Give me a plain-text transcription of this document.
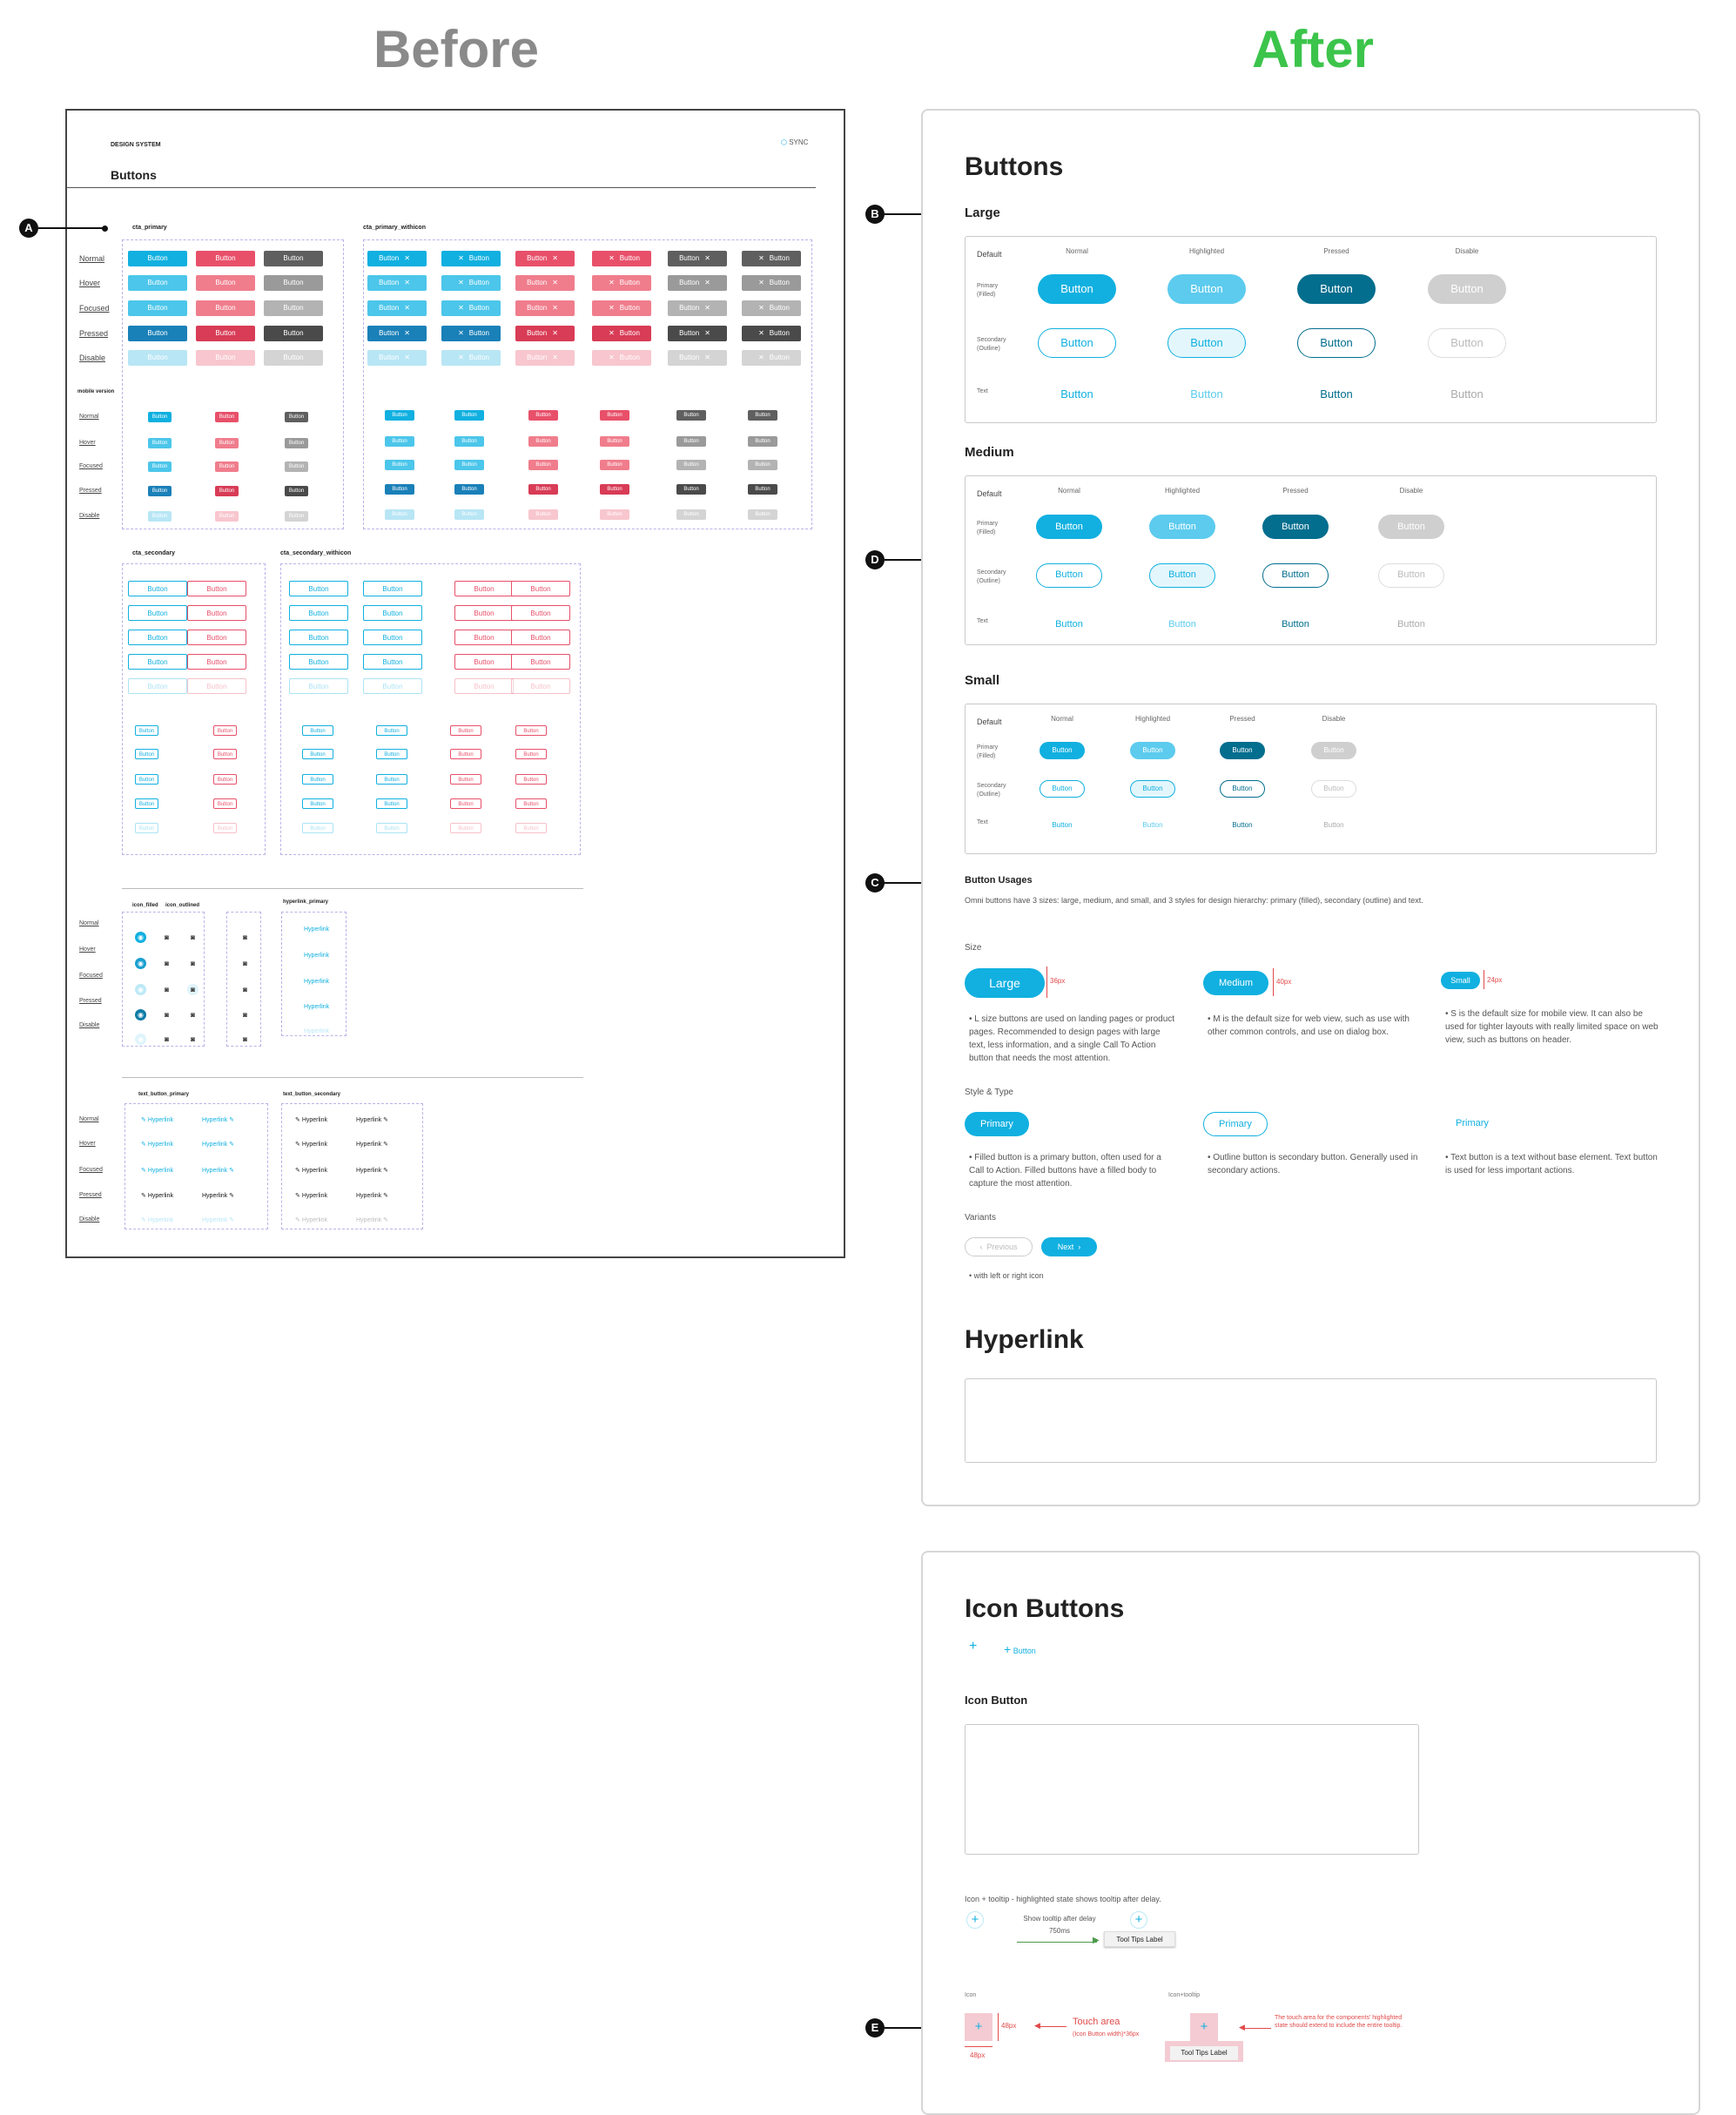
Before	After
DESIGN SYSTEM	⬡ SYNC
Buttons
cta_primary	cta_primary_withicon
mobile version
cta_secondary	cta_secondary_withicon
icon_filled icon_outlined
hyperlink_primary
text_button_primary	text_button_secondary
Normal	Button	Button	Button	Button ✕	✕ Button	Button ✕	✕ Button	Button ✕	✕ Button
Hover	Button	Button	Button	Button ✕	✕ Button	Button ✕	✕ Button	Button ✕	✕ Button
Focused	Button	Button	Button	Button ✕	✕ Button	Button ✕	✕ Button	Button ✕	✕ Button
Pressed	Button	Button	Button	Button ✕	✕ Button	Button ✕	✕ Button	Button ✕	✕ Button
Disable	Button	Button	Button	Button ✕	✕ Button	Button ✕	✕ Button	Button ✕	✕ Button
Normal	Button	Button	Button	Button	Button	Button	Button	Button	Button
Hover	Button	Button	Button	Button	Button	Button	Button	Button	Button
Focused	Button	Button	Button	Button	Button	Button	Button	Button	Button
Pressed	Button	Button	Button	Button	Button	Button	Button	Button	Button
Disable	Button	Button	Button	Button	Button	Button	Button	Button	Button
Button	Button	Button	Button	Button	Button
Button	Button	Button	Button	Button	Button
Button	Button	Button	Button	Button	Button
Button	Button	Button	Button	Button	Button
Button	Button	Button	Button	Button	Button
Button	Button	Button	Button	Button	Button
Button	Button	Button	Button	Button	Button
Button	Button	Button	Button	Button	Button
Button	Button	Button	Button	Button	Button
Button	Button	Button	Button	Button	Button
Normal
◉	◙	◙	◙
Hyperlink
Hover
◉	◙	◙	◙
Hyperlink
Focused
◉	◙	◙	◙
Hyperlink
Pressed
◉	◙	◙	◙
Hyperlink
Disable
◉	◙	◙	◙
Hyperlink
Normal	✎ Hyperlink	Hyperlink ✎	✎ Hyperlink	Hyperlink ✎
Hover	✎ Hyperlink	Hyperlink ✎	✎ Hyperlink	Hyperlink ✎
Focused	✎ Hyperlink	Hyperlink ✎	✎ Hyperlink	Hyperlink ✎
Pressed	✎ Hyperlink	Hyperlink ✎	✎ Hyperlink	Hyperlink ✎
Disable	✎ Hyperlink	Hyperlink ✎	✎ Hyperlink	Hyperlink ✎
A
B
C
D
E
Buttons
Large
Medium
Small
Default	Normal	Highlighted	Pressed	Disable
Primary
(Filled)	Button	Button	Button	Button
Secondary
(Outline)	Button	Button	Button	Button
Text	Button	Button	Button	Button
Default	Normal	Highlighted	Pressed	Disable
Primary
(Filled)
Button	Button	Button	Button
Secondary
(Outline)
Button	Button	Button	Button
Text	Button	Button	Button	Button
Default	Normal	Highlighted	Pressed	Disable
Primary
(Filled)
Button	Button	Button	Button
Secondary
(Outline)
Button	Button	Button	Button
Text	Button	Button	Button	Button
Button Usages
Omni buttons have 3 sizes: large, medium, and small, and 3 styles for design hierarchy: primary (filled), secondary (outline) and text.
Size
Large	36px	Medium	40px	Small	24px
• L size buttons are used on landing pages or product pages. Recommended to design pages with large text, less information, and a single Call To Action button that needs the most attention.
• M is the default size for web view, such as use with other common controls, and use on dialog box.
• S is the default size for mobile view. It can also be used for tighter layouts with really limited space on web view, such as buttons on header.
Style & Type
Primary	Primary	Primary
• Filled button is a primary button, often used for a Call to Action. Filled buttons have a filled body to capture the most attention.
• Outline button is secondary button. Generally used in secondary actions.
• Text button is a text without base element. Text button is used for less important actions.
Variants
‹ Previous	Next ›
• with left or right icon
Hyperlink
Icon Buttons
+ + Button
Icon Button
Icon + tooltip - highlighted state shows tooltip after delay.
+	Show tooltip after delay 750ms
▶
+
Tool Tips Label
Icon
+	48px
48px
◀	Touch area
(Icon Button width)*36px
Icon+tooltip
+
Tool Tips Label
◀
The touch area for the components' highlighted state should extend to include the entire tooltip.
